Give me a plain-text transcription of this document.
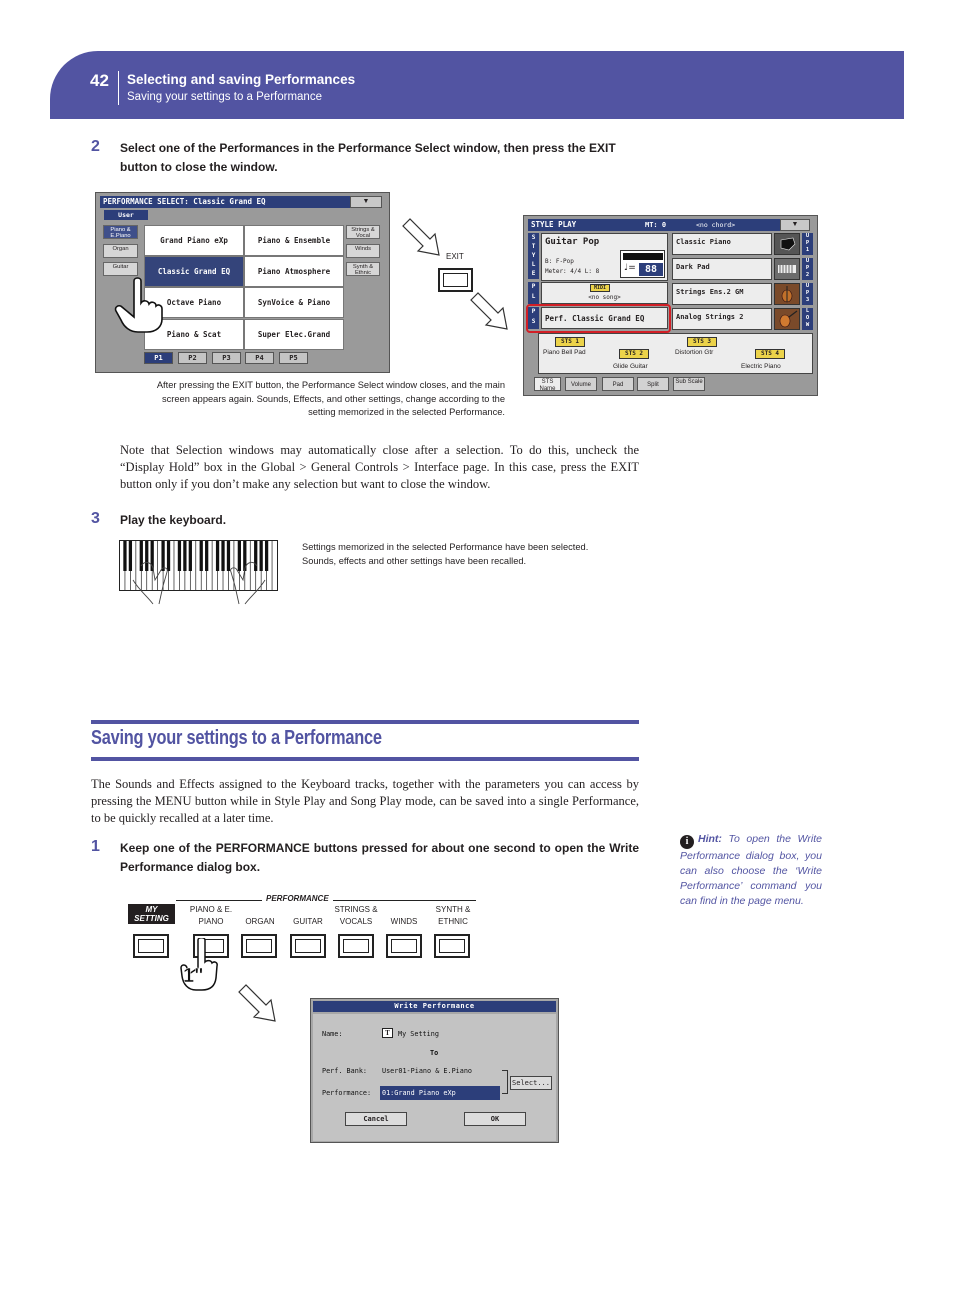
42 Selecting and saving Performances
Saving your settings to a Performance
2 Select one of the Performances in the Performance Select window, then press the EXIT button to close the window.
PERFORMANCE SELECT: Classic Grand EQ	▼
User
Piano & E.Piano
Organ
Guitar
Strings & Vocal
Winds
Synth & Ethnic
Grand Piano eXp	Piano & Ensemble
Classic Grand EQ	Piano Atmosphere
Octave Piano	SynVoice & Piano
Piano & Scat	Super Elec.Grand
P1	P2	P3	P4	P5
After pressing the EXIT button, the Performance Select window closes, and the main screen appears again. Sounds, Effects, and other settings, change according to the setting memorized in the selected Performance.
EXIT
STYLE PLAY	MT: 0	<no chord>	▼
S
T
Y
L
E
P
L
P
S
Guitar Pop
B: F-Pop
Meter: 4/4 L: 8	88
♩=
MIDI
<no song>
Perf. Classic Grand EQ
Classic Piano
Dark Pad
Strings Ens.2 GM
Analog Strings 2
U
P
1
U
P
2
U
P
3
L
O
W
STS 1
STS 2
STS 3
STS 4
Piano Bell Pad
Glide Guitar
Distortion Gtr
Electric Piano
STS Name
Volume	Pad	Split	Sub Scale
Note that Selection windows may automatically close after a selection. To do this, uncheck the “Display Hold” box in the Global > General Controls > Interface page. In this case, press the EXIT button only if you don’t make any selection but want to close the window.
3 Play the keyboard.
Settings memorized in the selected Performance have been selected. Sounds, effects and other settings have been recalled.
Saving your settings to a Performance
The Sounds and Effects assigned to the Keyboard tracks, together with the parameters you can access by pressing the MENU button while in Style Play and Song Play mode, can be saved into a single Performance, to be quickly recalled at a later time.
1 Keep one of the PERFORMANCE buttons pressed for about one second to open the Write Performance dialog box.
i Hint: To open the Write Performance dialog box, you can also choose the ‘Write Performance’ command you can find in the page menu.
PERFORMANCE
MY SETTING
PIANO & E. PIANO	ORGAN	GUITAR
STRINGS & VOCALS	WINDS
SYNTH & ETHNIC
1"
Write Performance
Name:	T	My Setting
To
Perf. Bank: User01-Piano & E.Piano
Performance: 01:Grand Piano eXp
Select...
Cancel	OK
